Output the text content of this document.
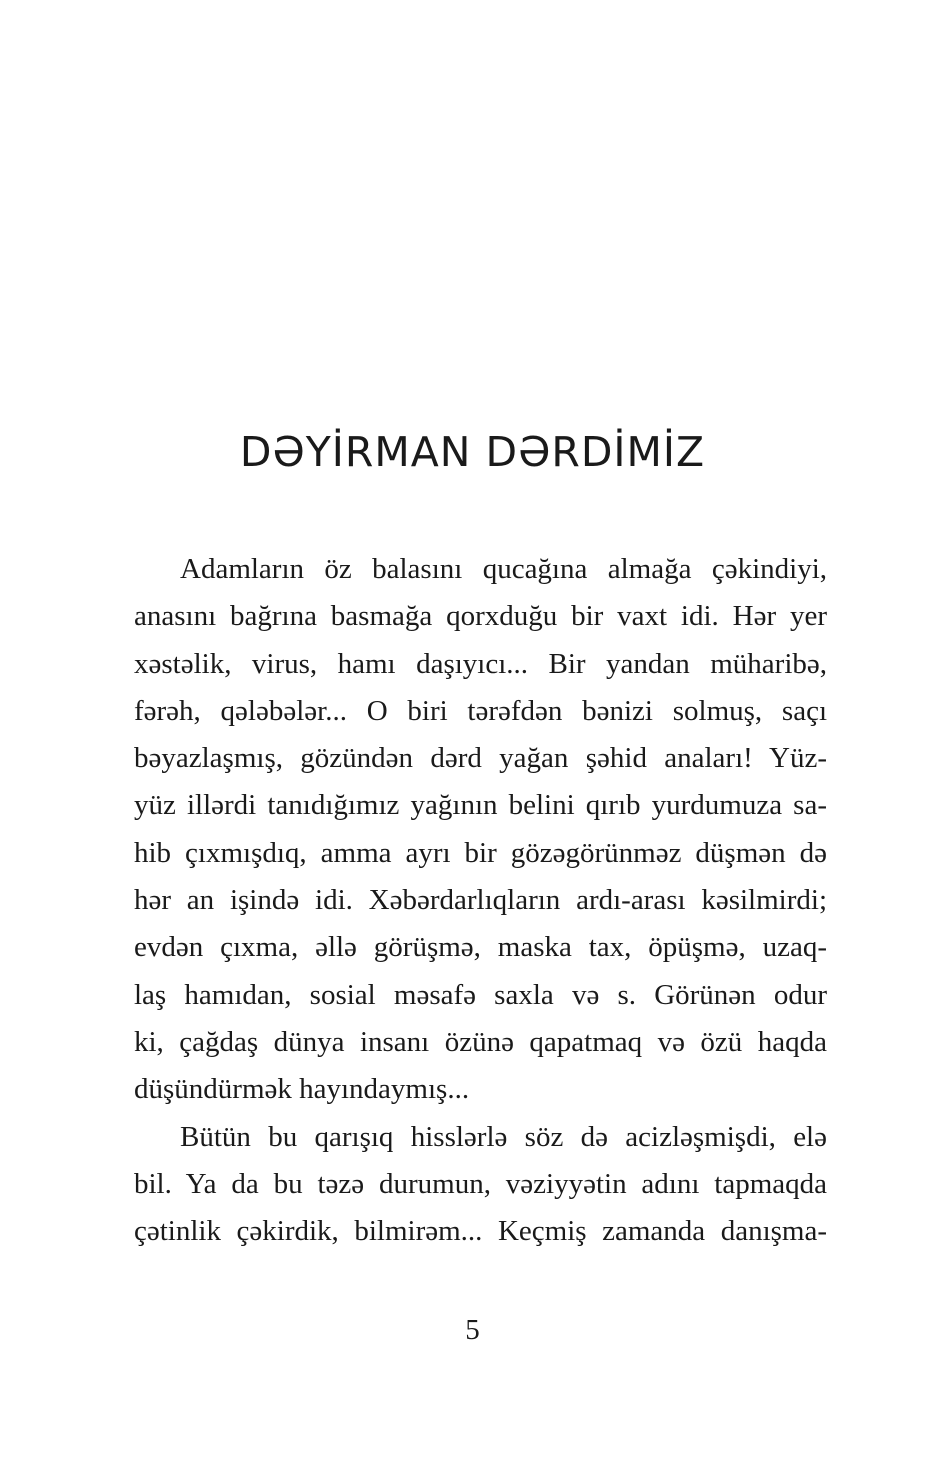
DƏYİRMAN DƏRDİMİZ
Adamların öz balasını qucağına almağa çəkindiyi,
anasını bağrına basmağa qorxduğu bir vaxt idi. Hər yer
xəstəlik, virus, hamı daşıyıcı... Bir yandan müharibə,
fərəh, qələbələr... O biri tərəfdən bənizi solmuş, saçı
bəyazlaşmış, gözündən dərd yağan şəhid anaları! Yüz-
yüz illərdi tanıdığımız yağının belini qırıb yurdumuza sa-
hib çıxmışdıq, amma ayrı bir gözəgörünməz düşmən də
hər an işində idi. Xəbərdarlıqların ardı-arası kəsilmirdi;
evdən çıxma, əllə görüşmə, maska tax, öpüşmə, uzaq-
laş hamıdan, sosial məsafə saxla və s. Görünən odur
ki, çağdaş dünya insanı özünə qapatmaq və özü haqda
düşündürmək hayındaymış...
Bütün bu qarışıq hisslərlə söz də acizləşmişdi, elə
bil. Ya da bu təzə durumun, vəziyyətin adını tapmaqda
çətinlik çəkirdik, bilmirəm... Keçmiş zamanda danışma-
5
